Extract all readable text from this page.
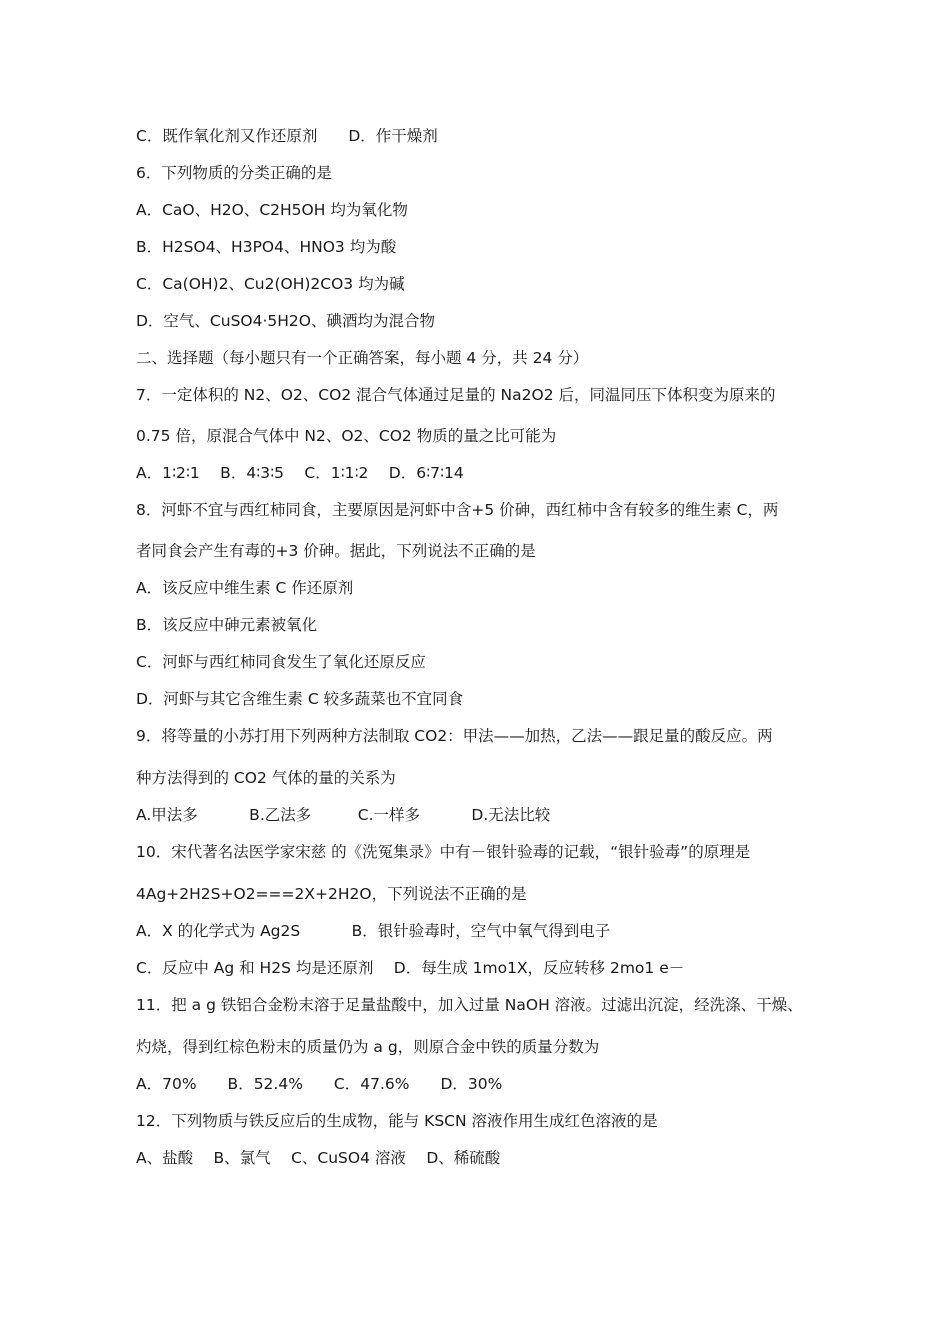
C．既作氧化剂又作还原剂　　D．作干燥剂
6．下列物质的分类正确的是
A．CaO、H2O、C2H5OH 均为氧化物
B．H2SO4、H3PO4、HNO3 均为酸
C．Ca(OH)2、Cu2(OH)2CO3 均为碱
D．空气、CuSO4·5H2O、碘酒均为混合物
二、选择题（每小题只有一个正确答案，每小题 4 分，共 24 分）
7．一定体积的 N2、O2、CO2 混合气体通过足量的 Na2O2 后，同温同压下体积变为原来的
0.75 倍，原混合气体中 N2、O2、CO2 物质的量之比可能为
A．1∶2∶1　 B．4∶3∶5　 C．1∶1∶2　 D．6∶7∶14
8．河虾不宜与西红柿同食，主要原因是河虾中含+5 价砷，西红柿中含有较多的维生素 C，两
者同食会产生有毒的+3 价砷。据此，下列说法不正确的是
A．该反应中维生素 C 作还原剂
B．该反应中砷元素被氧化
C．河虾与西红柿同食发生了氧化还原反应
D．河虾与其它含维生素 C 较多蔬菜也不宜同食
9．将等量的小苏打用下列两种方法制取 CO2：甲法——加热，乙法——跟足量的酸反应。两
种方法得到的 CO2 气体的量的关系为
A.甲法多　　　 B.乙法多　　　C.一样多　　　 D.无法比较
10．宋代著名法医学家宋慈 的《洗冤集录》中有－银针验毒的记载，“银针验毒”的原理是
4Ag+2H2S+O2===2X+2H2O，下列说法不正确的是
A．X 的化学式为 Ag2S　　　 B．银针验毒时，空气中氧气得到电子
C．反应中 Ag 和 H2S 均是还原剂　 D．每生成 1mo1X，反应转移 2mo1 e－
11．把 a g 铁铝合金粉末溶于足量盐酸中，加入过量 NaOH 溶液。过滤出沉淀，经洗涤、干燥、
灼烧，得到红棕色粉末的质量仍为 a g，则原合金中铁的质量分数为
A．70%　　B．52.4%　　C．47.6%　　D．30%
12．下列物质与铁反应后的生成物，能与 KSCN 溶液作用生成红色溶液的是
A、盐酸　 B、氯气　 C、CuSO4 溶液　 D、稀硫酸
